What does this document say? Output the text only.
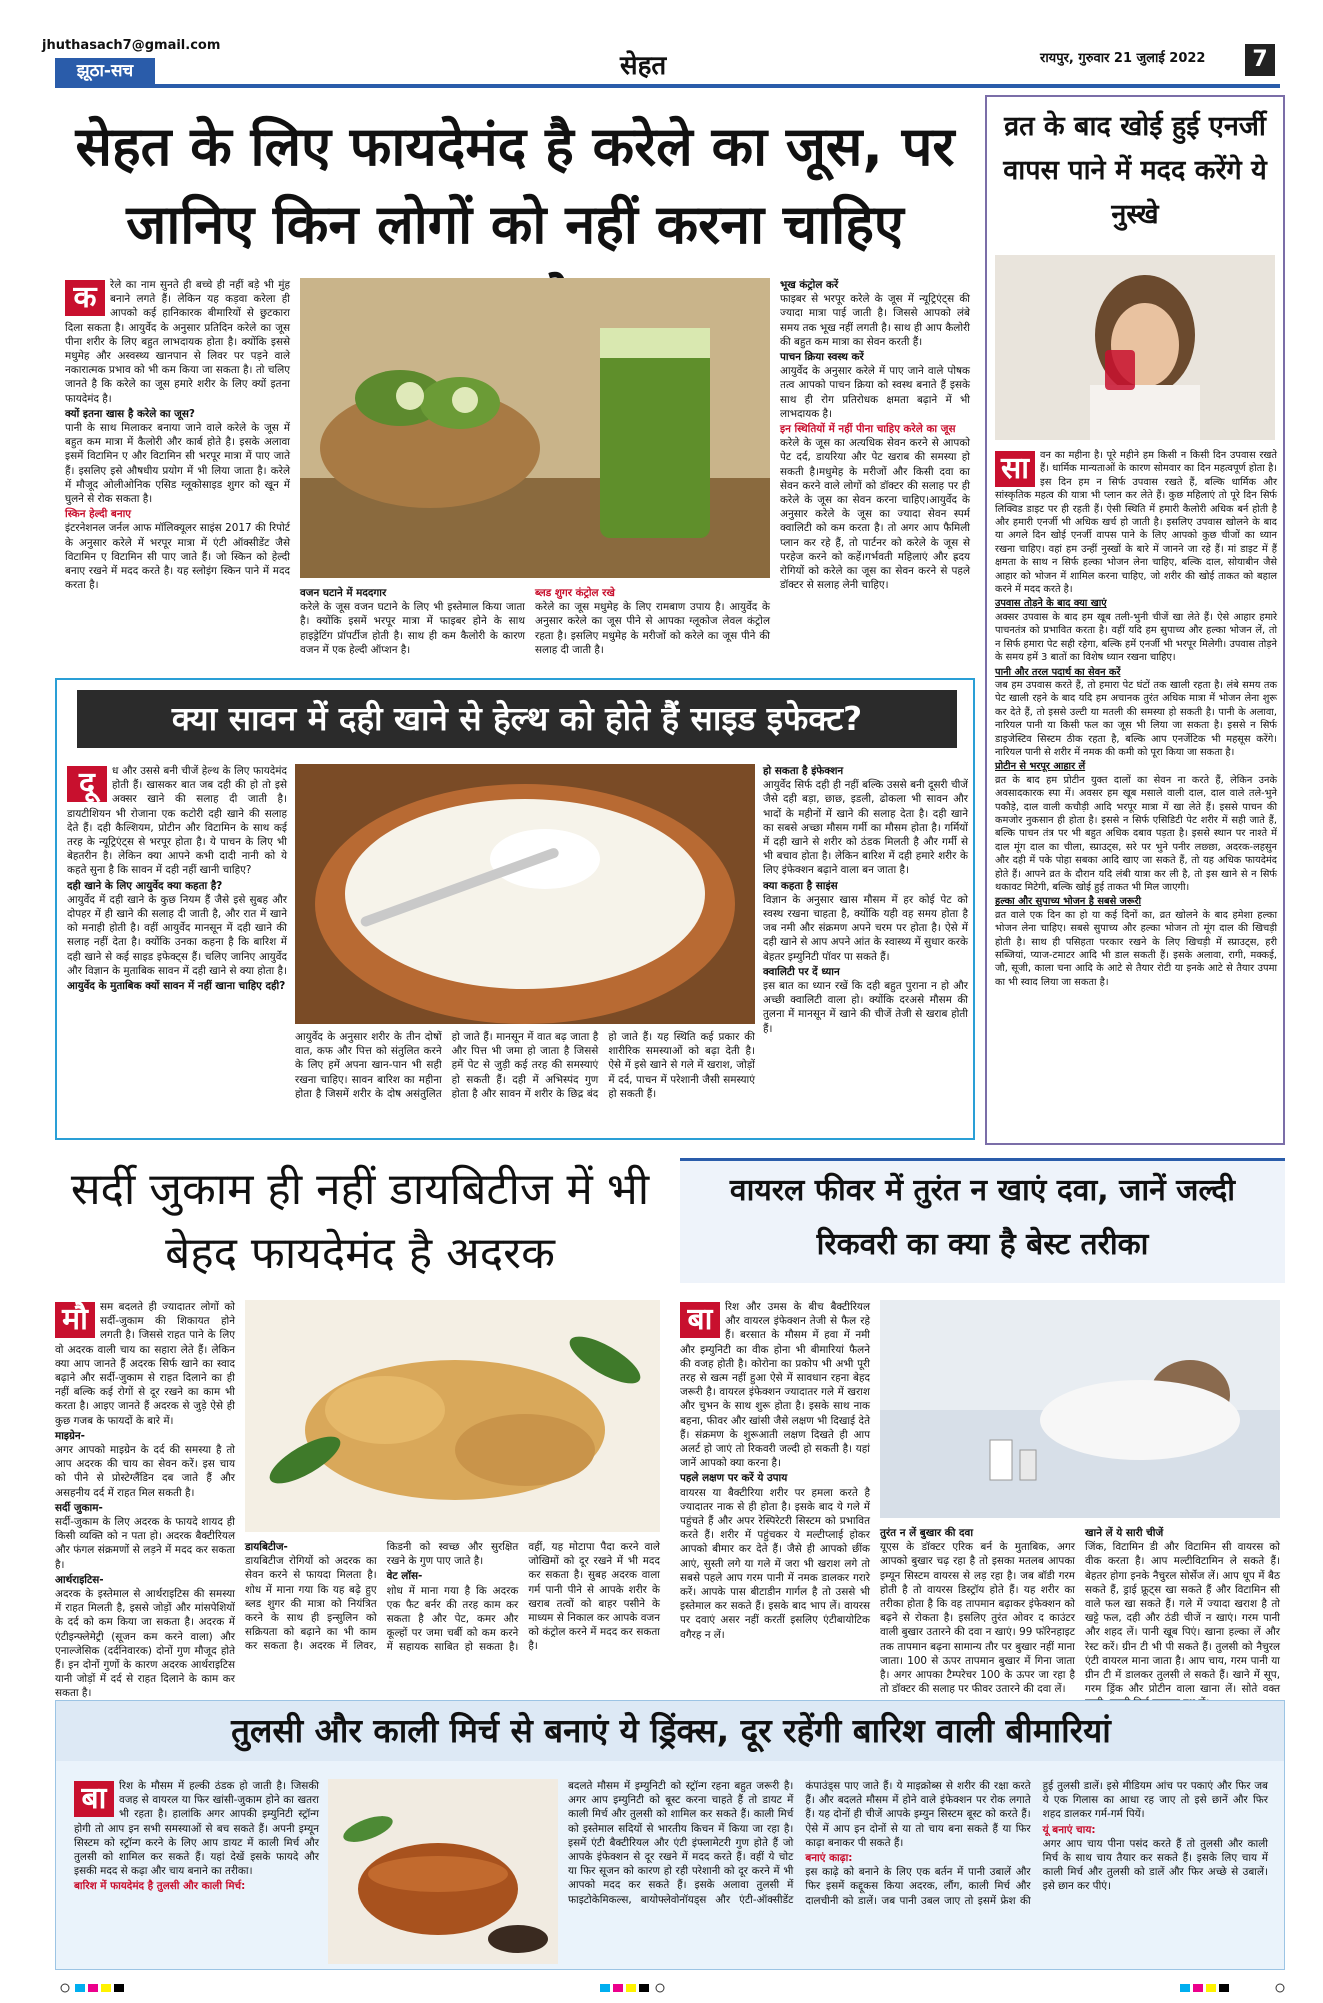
jhuthasach7@gmail.com
झूठा-सच	सेहत	रायपुर, गुरुवार 21 जुलाई 2022	7
सेहत के लिए फायदेमंद है करेले का जूस, पर जानिए किन लोगों को नहीं करना चाहिए
क	रेले का नाम सुनते ही बच्चे ही नहीं बड़े भी मुंह बनाने लगते हैं। लेकिन यह कड़वा करेला ही आपको कई हानिकारक बीमारियों से छुटकारा दिला सकता है। आयुर्वेद के अनुसार प्रतिदिन करेले का जूस पीना शरीर के लिए बहुत लाभदायक होता है। क्योंकि इससे मधुमेह और अस्वस्थ्य खानपान से लिवर पर पड़ने वाले नकारात्मक प्रभाव को भी कम किया जा सकता है। तो चलिए जानते है कि करेले का जूस हमारे शरीर के लिए क्यों इतना फायदेमंद है।

क्यों इतना खास है करेले का जूस?

पानी के साथ मिलाकर बनाया जाने वाले करेले के जूस में बहुत कम मात्रा में कैलोरी और कार्ब होते है। इसके अलावा इसमें विटामिन ए और विटामिन सी भरपूर मात्रा में पाए जाते हैं। इसलिए इसे औषधीय प्रयोग में भी लिया जाता है। करेले में मौजूद ओलीओनिक एसिड ग्लूकोसाइड शुगर को खून में घुलने से रोक सकता है।

स्किन हेल्दी बनाए

इंटरनेशनल जर्नल आफ मॉलिक्यूलर साइंस 2017 की रिपोर्ट के अनुसार करेले में भरपूर मात्रा में एंटी ऑक्सीडेंट जैसे विटामिन ए विटामिन सी पाए जाते हैं। जो स्किन को हेल्दी बनाए रखने में मदद करते है। यह स्लोइंग स्किन पाने में मदद करता है।

वजन घटाने में मददगार

करेले के जूस वजन घटाने के लिए भी इस्तेमाल किया जाता है। क्योंकि इसमें भरपूर मात्रा में फाइबर होने के साथ हाइड्रेटिंग प्रॉपर्टीज होती है। साथ ही कम कैलोरी के कारण वजन में एक हेल्दी ऑप्शन है।

ब्लड शुगर कंट्रोल रखे

करेले का जूस मधुमेह के लिए रामबाण उपाय है। आयुर्वेद के अनुसार करेले का जूस पीने से आपका ग्लूकोज लेवल कंट्रोल रहता है। इसलिए मधुमेह के मरीजों को करेले का जूस पीने की सलाह दी जाती है।

भूख कंट्रोल करें

फाइबर से भरपूर करेले के जूस में न्यूट्रिएंट्स की ज्यादा मात्रा पाई जाती है। जिससे आपको लंबे समय तक भूख नहीं लगती है। साथ ही आप कैलोरी की बहुत कम मात्रा का सेवन करती हैं।

पाचन क्रिया स्वस्थ करें

आयुर्वेद के अनुसार करेले में पाए जाने वाले पोषक तत्व आपको पाचन क्रिया को स्वस्थ बनाते हैं इसके साथ ही रोग प्रतिरोधक क्षमता बढ़ाने में भी लाभदायक है।

इन स्थितियों में नहीं पीना चाहिए करेले का जूस

करेले के जूस का अत्यधिक सेवन करने से आपको पेट दर्द, डायरिया और पेट खराब की समस्या हो सकती है।मधुमेह के मरीजों और किसी दवा का सेवन करने वाले लोगों को डॉक्टर की सलाह पर ही करेले के जूस का सेवन करना चाहिए।आयुर्वेद के अनुसार करेले के जूस का ज्यादा सेवन स्पर्म क्वालिटी को कम करता है। तो अगर आप फैमिली प्लान कर रहे हैं, तो पार्टनर को करेले के जूस से परहेज करने को कहें।गर्भवती महिलाएं और ह्रदय रोगियों को करेले का जूस का सेवन करने से पहले डॉक्टर से सलाह लेनी चाहिए।

व्रत के बाद खोई हुई एनर्जी वापस पाने में मदद करेंगे ये नुस्खे
सा	वन का महीना है। पूरे महीने हम किसी न किसी दिन उपवास रखते हैं। धार्मिक मान्यताओं के कारण सोमवार का दिन महत्वपूर्ण होता है। इस दिन हम न सिर्फ उपवास रखते हैं, बल्कि धार्मिक और सांस्कृतिक महत्व की यात्रा भी प्लान कर लेते हैं। कुछ महिलाएं तो पूरे दिन सिर्फ लिक्विड डाइट पर ही रहती हैं। ऐसी स्थिति में हमारी कैलोरी अधिक बर्न होती है और हमारी एनर्जी भी अधिक खर्च हो जाती है। इसलिए उपवास खोलने के बाद या अगले दिन खोई एनर्जी वापस पाने के लिए आपको कुछ चीजों का ध्यान रखना चाहिए। वहां हम उन्हीं नुस्खों के बारे में जानने जा रहे हैं। मां डाइट में हैं क्षमता के साथ न सिर्फ हल्का भोजन लेना चाहिए, बल्कि दाल, सोयाबीन जैसे आहार को भोजन में शामिल करना चाहिए, जो शरीर की खोई ताकत को बहाल करने में मदद करते है।

उपवास तोड़ने के बाद क्या खाएं

अक्सर उपवास के बाद हम खूब तली-भुनी चीजें खा लेते हैं। ऐसे आहार हमारे पाचनतंत्र को प्रभावित करता है। वहीं यदि हम सुपाच्य और हल्का भोजन लें, तो न सिर्फ हमारा पेट सही रहेगा, बल्कि हमें एनर्जी भी भरपूर मिलेगी। उपवास तोड़ने के समय हमें 3 बातों का विशेष ध्यान रखना चाहिए।

पानी और तरल पदार्थ का सेवन करें

जब हम उपवास करते हैं, तो हमारा पेट घंटों तक खाली रहता है। लंबे समय तक पेट खाली रहने के बाद यदि हम अचानक तुरंत अधिक मात्रा में भोजन लेना शुरू कर देते हैं, तो इससे उल्टी या मतली की समस्या हो सकती है। पानी के अलावा, नारियल पानी या किसी फल का जूस भी लिया जा सकता है। इससे न सिर्फ डाइजेस्टिव सिस्टम ठीक रहता है, बल्कि आप एनर्जेटिक भी महसूस करेंगे। नारियल पानी से शरीर में नमक की कमी को पूरा किया जा सकता है।

प्रोटीन से भरपूर आहार लें

व्रत के बाद हम प्रोटीन युक्त दालों का सेवन ना करते हैं, लेकिन उनके अवसादकारक स्पा में। अवसर हम खूब मसाले वाली दाल, दाल वाले तले-भुने पकौड़े, दाल वाली कचौड़ी आदि भरपूर मात्रा में खा लेते हैं। इससे पाचन की कमजोर नुकसान ही होता है। इससे न सिर्फ एसिडिटी पेट शरीर में सही जाते हैं, बल्कि पाचन तंत्र पर भी बहुत अधिक दबाव पड़ता है। इससे स्थान पर नाश्ते में दाल मूंग दाल का चीला, स्प्राउट्स, सरे पर भुने पनीर लछ्छा, अदरक-लहसुन और दही में पके पोहा सबका आदि खाए जा सकते हैं, तो यह अधिक फायदेमंद होते हैं। आपने व्रत के दौरान यदि लंबी यात्रा कर ली है, तो इस खाने से न सिर्फ थकावट मिटेगी, बल्कि खोई हुई ताकत भी मिल जाएगी।

हल्का और सुपाच्य भोजन है सबसे जरूरी

व्रत वाले एक दिन का हो या कई दिनों का, व्रत खोलने के बाद हमेशा हल्का भोजन लेना चाहिए। सबसे सुपाच्य और हल्का भोजन तो मूंग दाल की खिचड़ी होती है। साथ ही पसिहता परकार रखने के लिए खिचड़ी में स्प्राउट्स, हरी सब्जियां, प्याज-टमाटर आदि भी डाल सकती हैं। इसके अलावा, रागी, मक्कई, जौ, सूजी, काला चना आदि के आटे से तैयार रोटी या इनके आटे से तैयार उपमा का भी स्वाद लिया जा सकता है।

क्या सावन में दही खाने से हेल्थ को होते हैं साइड इफेक्ट?
दू	ध और उससे बनी चीजें हेल्थ के लिए फायदेमंद होती हैं। खासकर बात जब दही की हो तो इसे अक्सर खाने की सलाह दी जाती है। डायटीशियन भी रोजाना एक कटोरी दही खाने की सलाह देते हैं। दही कैल्शियम, प्रोटीन और विटामिन के साथ कई तरह के न्यूट्रिएंट्स से भरपूर होता है। ये पाचन के लिए भी बेहतरीन है। लेकिन क्या आपने कभी दादी नानी को ये कहते सुना है कि सावन में दही नहीं खानी चाहिए?

दही खाने के लिए आयुर्वेद क्या कहता है?

आयुर्वेद में दही खाने के कुछ नियम हैं जैसे इसे सुबह और दोपहर में ही खाने की सलाह दी जाती है, और रात में खाने को मनाही होती है। वहीं आयुर्वेद मानसून में दही खाने की सलाह नहीं देता है। क्योंकि उनका कहना है कि बारिश में दही खाने से कई साइड इफेक्ट्स हैं। चलिए जानिए आयुर्वेद और विज्ञान के मुताबिक सावन में दही खाने से क्या होता है।

आयुर्वेद के मुताबिक क्यों सावन में नहीं खाना चाहिए दही?

आयुर्वेद के अनुसार शरीर के तीन दोषों वात, कफ और पित्त को संतुलित करने के लिए हमें अपना खान-पान भी सही रखना चाहिए। सावन बारिश का महीना होता है जिसमें शरीर के दोष असंतुलित हो जाते हैं। मानसून में वात बढ़ जाता है और पित्त भी जमा हो जाता है जिससे हमें पेट से जुड़ी कई तरह की समस्याएं हो सकती हैं। दही में अभिस्पंद गुण होता है और सावन में शरीर के छिद्र बंद हो जाते हैं। यह स्थिति कई प्रकार की शारीरिक समस्याओं को बढ़ा देती है। ऐसे में इसे खाने से गले में खराश, जोड़ों में दर्द, पाचन में परेशानी जैसी समस्याएं हो सकती हैं।

हो सकता है इंफेक्शन

आयुर्वेद सिर्फ दही ही नहीं बल्कि उससे बनी दूसरी चीजें जैसे दही बड़ा, छाछ, इडली, ढोकला भी सावन और भादों के महीनों में खाने की सलाह देता है। दही खाने का सबसे अच्छा मौसम गर्मी का मौसम होता है। गर्मियों में दही खाने से शरीर को ठंडक मिलती है और गर्मी से भी बचाव होता है। लेकिन बारिश में दही हमारे शरीर के लिए इंफेक्शन बढ़ाने वाला बन जाता है।

क्या कहता है साइंस

विज्ञान के अनुसार खास मौसम में हर कोई पेट को स्वस्थ रखना चाहता है, क्योंकि यही वह समय होता है जब नमी और संक्रमण अपने चरम पर होता है। ऐसे में दही खाने से आप अपने आंत के स्वास्थ्य में सुधार करके बेहतर इम्युनिटी पॉवर पा सकते हैं।

क्वालिटी पर दें ध्यान

इस बात का ध्यान रखें कि दही बहुत पुराना न हो और अच्छी क्वालिटी वाला हो। क्योंकि दरअसे मौसम की तुलना में मानसून में खाने की चीजें तेजी से खराब होती हैं।

सर्दी जुकाम ही नहीं डायबिटीज में भी बेहद फायदेमंद है अदरक
मौ	सम बदलते ही ज्यादातर लोगों को सर्दी-जुकाम की शिकायत होने लगती है। जिससे राहत पाने के लिए वो अदरक वाली चाय का सहारा लेते हैं। लेकिन क्या आप जानते हैं अदरक सिर्फ खाने का स्वाद बढ़ाने और सर्दी-जुकाम से राहत दिलाने का ही नहीं बल्कि कई रोगों से दूर रखने का काम भी करता है। आइए जानते हैं अदरक से जुड़े ऐसे ही कुछ गजब के फायदों के बारे में।

माइग्रेन-

अगर आपको माइग्रेन के दर्द की समस्या है तो आप अदरक की चाय का सेवन करें। इस चाय को पीने से प्रोस्टेग्लैंडिन दब जाते हैं और असहनीय दर्द में राहत मिल सकती है।

सर्दी जुकाम-

सर्दी-जुकाम के लिए अदरक के फायदे शायद ही किसी व्यक्ति को न पता हो। अदरक बैक्टीरियल और फंगल संक्रमणों से लड़ने में मदद कर सकता है।

आर्थराइटिस-

अदरक के इस्तेमाल से आर्थराइटिस की समस्या में राहत मिलती है, इससे जोड़ों और मांसपेशियों के दर्द को कम किया जा सकता है। अदरक में एंटीइन्फ्लेमेट्री (सूजन कम करने वाला) और एनाल्जेसिक (दर्दनिवारक) दोनों गुण मौजूद होते हैं। इन दोनों गुणों के कारण अदरक आर्थराइटिस यानी जोड़ों में दर्द से राहत दिलाने के काम कर सकता है।

डायबिटीज-

डायबिटीज रोगियों को अदरक का सेवन करने से फायदा मिलता है। शोध में माना गया कि यह बढ़े हुए ब्लड शुगर की मात्रा को नियंत्रित करने के साथ ही इन्सुलिन को सक्रियता को बढ़ाने का भी काम कर सकता है। अदरक में लिवर, किडनी को स्वच्छ और सुरक्षित रखने के गुण पाए जाते है।

वेट लॉस-

शोध में माना गया है कि अदरक एक फैट बर्नर की तरह काम कर सकता है और पेट, कमर और कूल्हों पर जमा चर्बी को कम करने में सहायक साबित हो सकता है। वहीं, यह मोटापा पैदा करने वाले जोखिमों को दूर रखने में भी मदद कर सकता है। सुबह अदरक वाला गर्म पानी पीने से आपके शरीर के खराब तत्वों को बाहर पसीने के माध्यम से निकाल कर आपके वजन को कंट्रोल करने में मदद कर सकता है।

वायरल फीवर में तुरंत न खाएं दवा, जानें जल्दी रिकवरी का क्या है बेस्ट तरीका
बा	रिश और उमस के बीच बैक्टीरियल और वायरल इंफेक्शन तेजी से फैल रहे हैं। बरसात के मौसम में हवा में नमी और इम्युनिटी का वीक होना भी बीमारियां फैलने की वजह होती है। कोरोना का प्रकोप भी अभी पूरी तरह से खत्म नहीं हुआ ऐसे में सावधान रहना बेहद जरूरी है। वायरल इंफेक्शन ज्यादातर गले में खराश और चुभन के साथ शुरू होता है। इसके साथ नाक बहना, फीवर और खांसी जैसे लक्षण भी दिखाई देते हैं। संक्रमण के शुरूआती लक्षण दिखते ही आप अलर्ट हो जाएं तो रिकवरी जल्दी हो सकती है। यहां जानें आपको क्या करना है।

पहले लक्षण पर करें ये उपाय

वायरस या बैक्टीरिया शरीर पर हमला करते है ज्यादातर नाक से ही होता है। इसके बाद ये गले में पहुंचते हैं और अपर रेस्पिरेटरी सिस्टम को प्रभावित करते हैं। शरीर में पहुंचकर ये मल्टीप्लाई होकर आपको बीमार कर देते हैं। जैसे ही आपको छींक आएं, सुस्ती लगे या गले में जरा भी खराश लगे तो सबसे पहले आप गरम पानी में नमक डालकर गरारे करें। आपके पास बीटाडीन गार्गल है तो उससे भी इस्तेमाल कर सकते हैं। इसके बाद भाप लें। वायरस पर दवाएं असर नहीं करतीं इसलिए एंटीबायोटिक वगैरह न लें।

तुरंत न लें बुखार की दवा

यूएस के डॉक्टर एरिक बर्न के मुताबिक, अगर आपको बुखार चढ़ रहा है तो इसका मतलब आपका इम्यून सिस्टम वायरस से लड़ रहा है। जब बॉडी गरम होती है तो वायरस डिस्ट्रॉय होते हैं। यह शरीर का तरीका होता है कि वह तापमान बढ़ाकर इंफेक्शन को बढ़ने से रोकता है। इसलिए तुरंत ओवर द काउंटर वाली बुखार उतारने की दवा न खाएं। 99 फॉरेनहाइट तक तापमान बढ़ना सामान्य तौर पर बुखार नहीं माना जाता। 100 से ऊपर तापमान बुखार में गिना जाता है। अगर आपका टैम्परेचर 100 के ऊपर जा रहा है तो डॉक्टर की सलाह पर फीवर उतारने की दवा लें।

खाने लें ये सारी चीजें

जिंक, विटामिन डी और विटामिन सी वायरस को वीक करता है। आप मल्टीविटामिन ले सकते हैं। बेहतर होगा इनके नैचुरल सोर्सेज लें। आप धूप में बैठ सकते हैं, ड्राई फ्रूट्स खा सकते हैं और विटामिन सी वाले फल खा सकते हैं। गले में ज्यादा खराश है तो खट्टे फल, दही और ठंडी चीजें न खाएं। गरम पानी और शहद लें। पानी खूब पिएं। खाना हल्का लें और रेस्ट करें। ग्रीन टी भी पी सकते हैं। तुलसी को नैचुरल एंटी वायरल माना जाता है। आप चाय, गरम पानी या ग्रीन टी में डालकर तुलसी ले सकते हैं। खाने में सूप, गरम ड्रिंक और प्रोटीन वाला खाना लें। सोते वक्त

तुलसी और काली मिर्च से बनाएं ये ड्रिंक्स, दूर रहेंगी बारिश वाली बीमारियां
बा	रिश के मौसम में हल्की ठंडक हो जाती है। जिसकी वजह से वायरल या फिर खांसी-जुकाम होने का खतरा भी रहता है। हालांकि अगर आपकी इम्युनिटी स्ट्रॉन्ग होगी तो आप इन सभी समस्याओं से बच सकते हैं। अपनी इम्यून सिस्टम को स्ट्रॉन्ग करने के लिए आप डायट में काली मिर्च और तुलसी को शामिल कर सकते हैं। यहां देखें इसके फायदे और इसकी मदद से कढ़ा और चाय बनाने का तरीका।

बारिश में फायदेमंद है तुलसी और काली मिर्च:

बदलते मौसम में इम्युनिटी को स्ट्रॉन्ग रहना बहुत जरूरी है। अगर आप इम्युनिटी को बूस्ट करना चाहते हैं तो डायट में काली मिर्च और तुलसी को शामिल कर सकते हैं। काली मिर्च को इस्तेमाल सदियों से भारतीय किचन में किया जा रहा है। इसमें एंटी बैक्टीरियल और एंटी इंफ्लामेटरी गुण होते हैं जो आपके इंफेक्शन से दूर रखने में मदद करते हैं। वहीं ये चोट या फिर सूजन को कारण हो रही परेशानी को दूर करने में भी आपको मदद कर सकते हैं। इसके अलावा तुलसी में फाइटोकेमिकल्स, बायोफ्लेवोनॉयड्स और एंटी-ऑक्सीडेंट कंपाउंड्स पाए जाते हैं। ये माइक्रोब्स से शरीर की रक्षा करते हैं। और बदलते मौसम में होने वाले इंफेक्शन पर रोक लगाते हैं। यह दोनों ही चीजें आपके इम्युन सिस्टम बूस्ट को करते हैं। ऐसे में आप इन दोनों से या तो चाय बना सकते हैं या फिर काढ़ा बनाकर पी सकते हैं।

बनाएं काढ़ा:

इस काढ़े को बनाने के लिए एक बर्तन में पानी उबालें और फिर इसमें कद्दूकस किया अदरक, लौंग, काली मिर्च और दालचीनी को डालें। जब पानी उबल जाए तो इसमें फ्रेश की हुई तुलसी डालें। इसे मीडियम आंच पर पकाएं और फिर जब ये एक गिलास का आधा रह जाए तो इसे छानें और फिर शहद डालकर गर्म-गर्म पियें।

यूं बनाएं चाय:

अगर आप चाय पीना पसंद करते हैं तो तुलसी और काली मिर्च के साथ चाय तैयार कर सकते हैं। इसके लिए चाय में काली मिर्च और तुलसी को डालें और फिर अच्छे से उबालें। इसे छान कर पीएं।
